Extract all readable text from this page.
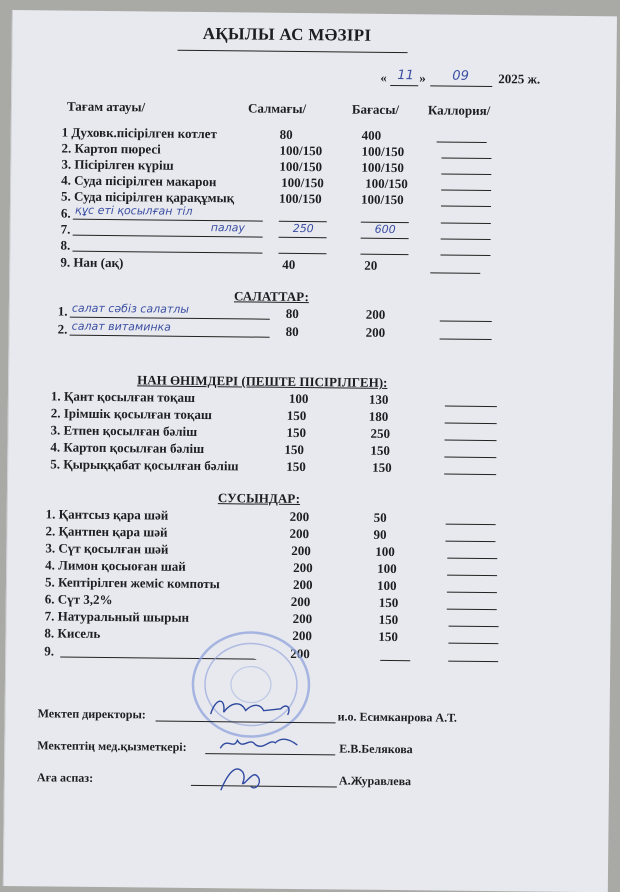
АҚЫЛЫ АС МӘЗІРІ
« 11 » 09 2025 ж.
Тағам атауы/	Салмағы/	Бағасы/ Каллория/
1 Духовк.пісірілген котлет	80	400
2. Картоп пюресі	100/150	100/150
3. Пісірілген күріш	100/150	100/150
4. Суда пісірілген макарон	100/150	100/150
5. Суда пісірілген қарақұмық	100/150	100/150
6. құс еті қосылған тіл
7.	палау	250	600
8.
9. Нан (ақ)	40	20
САЛАТТАР:
1. салат сәбіз салатлы	80	200
2. салат витаминка	80	200
НАН ӨНІМДЕРІ (ПЕШТЕ ПІСІРІЛГЕН):
1. Қант қосылған тоқаш	100	130
2. Ірімшік қосылған тоқаш	150	180
3. Етпен қосылған бәліш	150	250
4. Картоп қосылған бәліш	150	150
5. Қырыққабат қосылған бәліш	150	150
СУСЫНДАР:
1. Қантсыз қара шәй	200	50
2. Қантпен қара шәй	200	90
3. Сүт қосылған шәй	200	100
4. Лимон қосыоған шай	200	100
5. Кептірілген жеміс компоты	200	100
6. Сүт 3,2%	200	150
7. Натуральный шырын	200	150
8. Кисель	200	150
9.	200
Мектеп директоры:	и.о. Есимканрова А.Т.
Мектептің мед.қызметкері:	Е.В.Белякова
Аға аспаз:	А.Журавлева
